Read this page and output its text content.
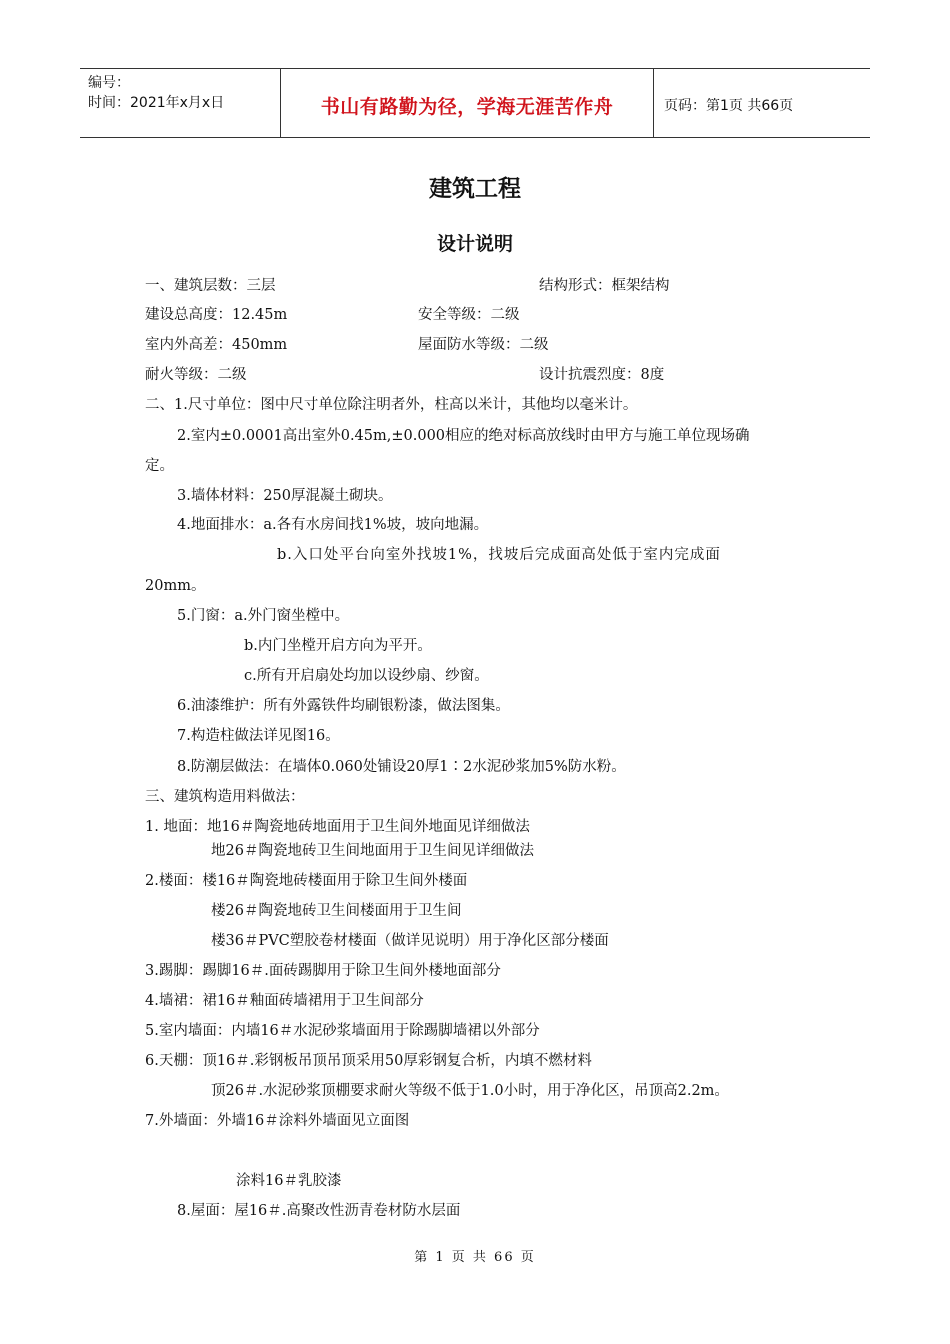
编号：
时间：2021年x月x日	书山有路勤为径，学海无涯苦作舟	页码：第1页 共66页
建筑工程
设计说明
一、建筑层数：三层	结构形式：框架结构
建设总高度：12.45m	安全等级：二级
室内外高差：450mm	屋面防水等级：二级
耐火等级：二级	设计抗震烈度：8度
二、1.尺寸单位：图中尺寸单位除注明者外，柱高以米计，其他均以毫米计。
2.室内±0.0001高出室外0.45m,±0.000相应的绝对标高放线时由甲方与施工单位现场确
定。
3.墙体材料：250厚混凝土砌块。
4.地面排水：a.各有水房间找1%坡，坡向地漏。
b.入口处平台向室外找坡1%，找坡后完成面高处低于室内完成面
20mm。
5.门窗：a.外门窗坐樘中。
b.内门坐樘开启方向为平开。
c.所有开启扇处均加以设纱扇、纱窗。
6.油漆维护：所有外露铁件均刷银粉漆，做法图集。
7.构造柱做法详见图16。
8.防潮层做法：在墙体0.060处铺设20厚1∶2水泥砂浆加5%防水粉。
三、建筑构造用料做法：
1. 地面：地16＃陶瓷地砖地面用于卫生间外地面见详细做法
地26＃陶瓷地砖卫生间地面用于卫生间见详细做法
2.楼面：楼16＃陶瓷地砖楼面用于除卫生间外楼面
楼26＃陶瓷地砖卫生间楼面用于卫生间
楼36＃PVC塑胶卷材楼面（做详见说明）用于净化区部分楼面
3.踢脚：踢脚16＃.面砖踢脚用于除卫生间外楼地面部分
4.墙裙：裙16＃釉面砖墙裙用于卫生间部分
5.室内墙面：内墙16＃水泥砂浆墙面用于除踢脚墙裙以外部分
6.天棚：顶16＃.彩钢板吊顶吊顶采用50厚彩钢复合析，内填不燃材料
顶26＃.水泥砂浆顶棚要求耐火等级不低于1.0小时，用于净化区，吊顶高2.2m。
7.外墙面：外墙16＃涂料外墙面见立面图
涂料16＃乳胶漆
8.屋面：屋16＃.高聚改性沥青卷材防水层面
第 1 页 共 66 页
